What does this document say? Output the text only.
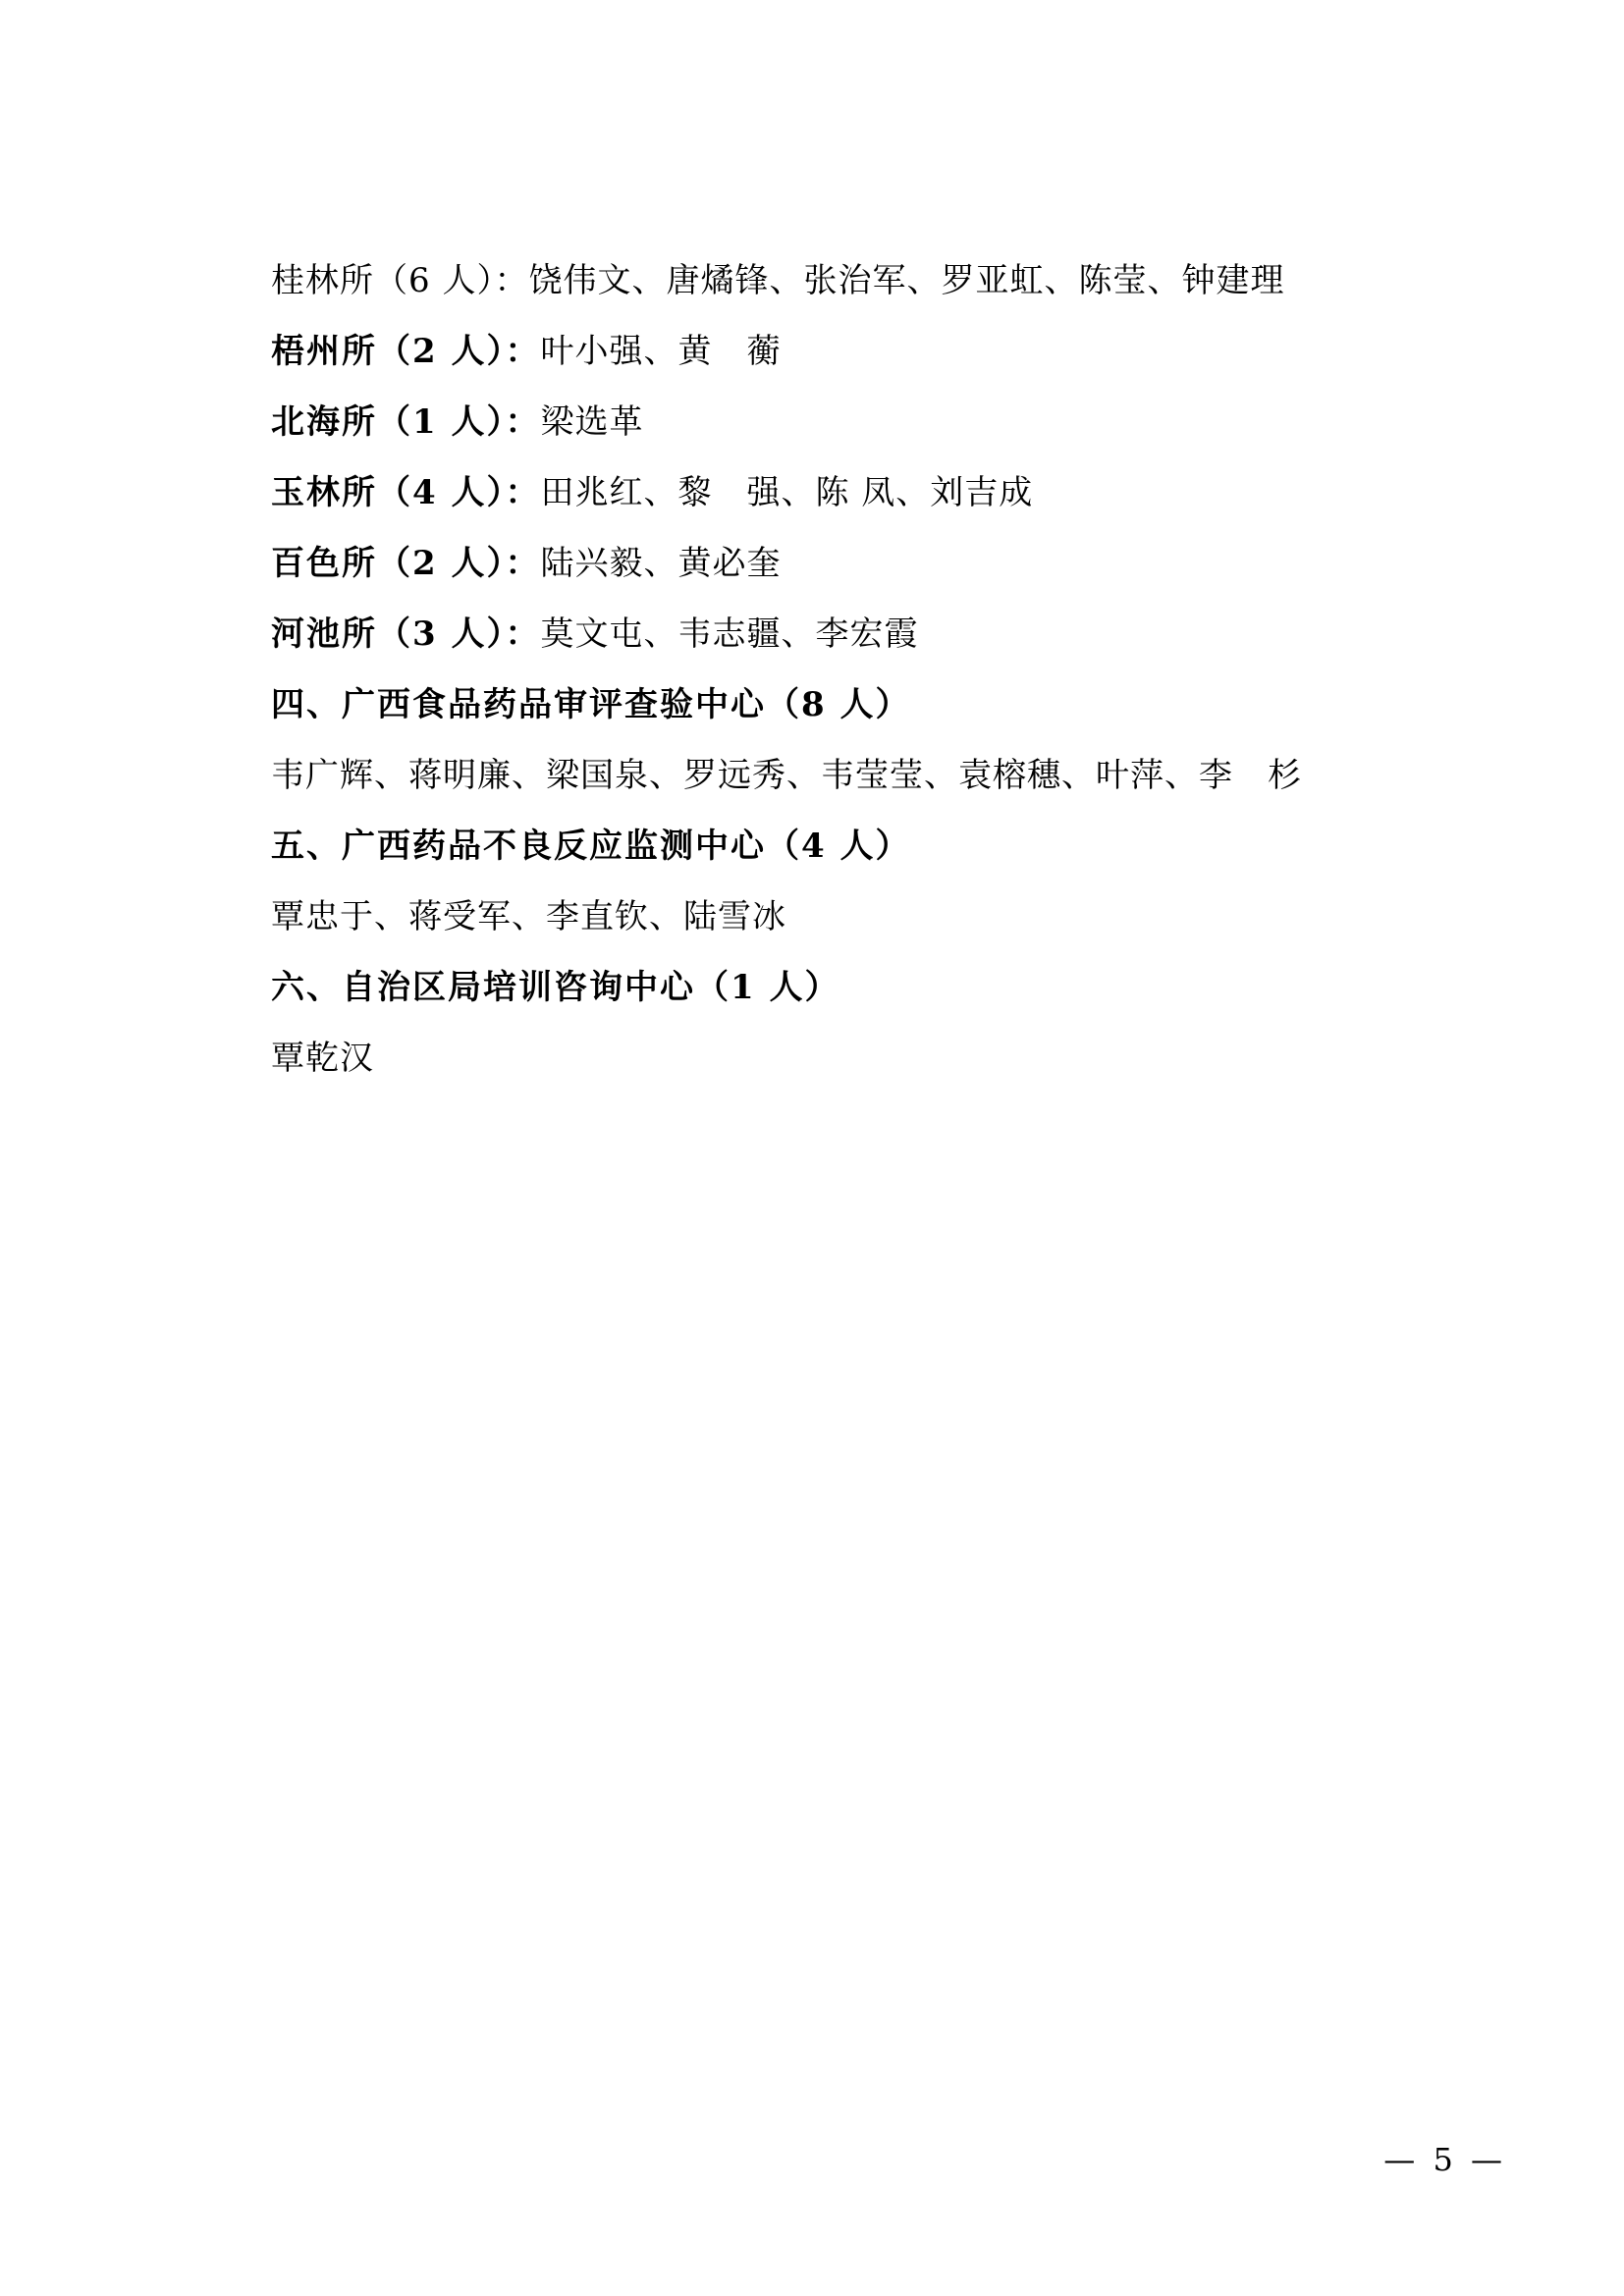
桂林所（6 人）：饶伟文、唐燏锋、张治军、罗亚虹、陈莹、钟建理
梧州所（2 人）：叶小强、黄　蘅
北海所（1 人）：梁选革
玉林所（4 人）：田兆红、黎　强、陈 凤、刘吉成
百色所（2 人）：陆兴毅、黄必奎
河池所（3 人）：莫文屯、韦志疆、李宏霞
四、广西食品药品审评查验中心（8 人）
韦广辉、蒋明廉、梁国泉、罗远秀、韦莹莹、袁榕穗、叶萍、李　杉
五、广西药品不良反应监测中心（4 人）
覃忠于、蒋受军、李直钦、陆雪冰
六、自治区局培训咨询中心（1 人）
覃乾汉
— 5 —
